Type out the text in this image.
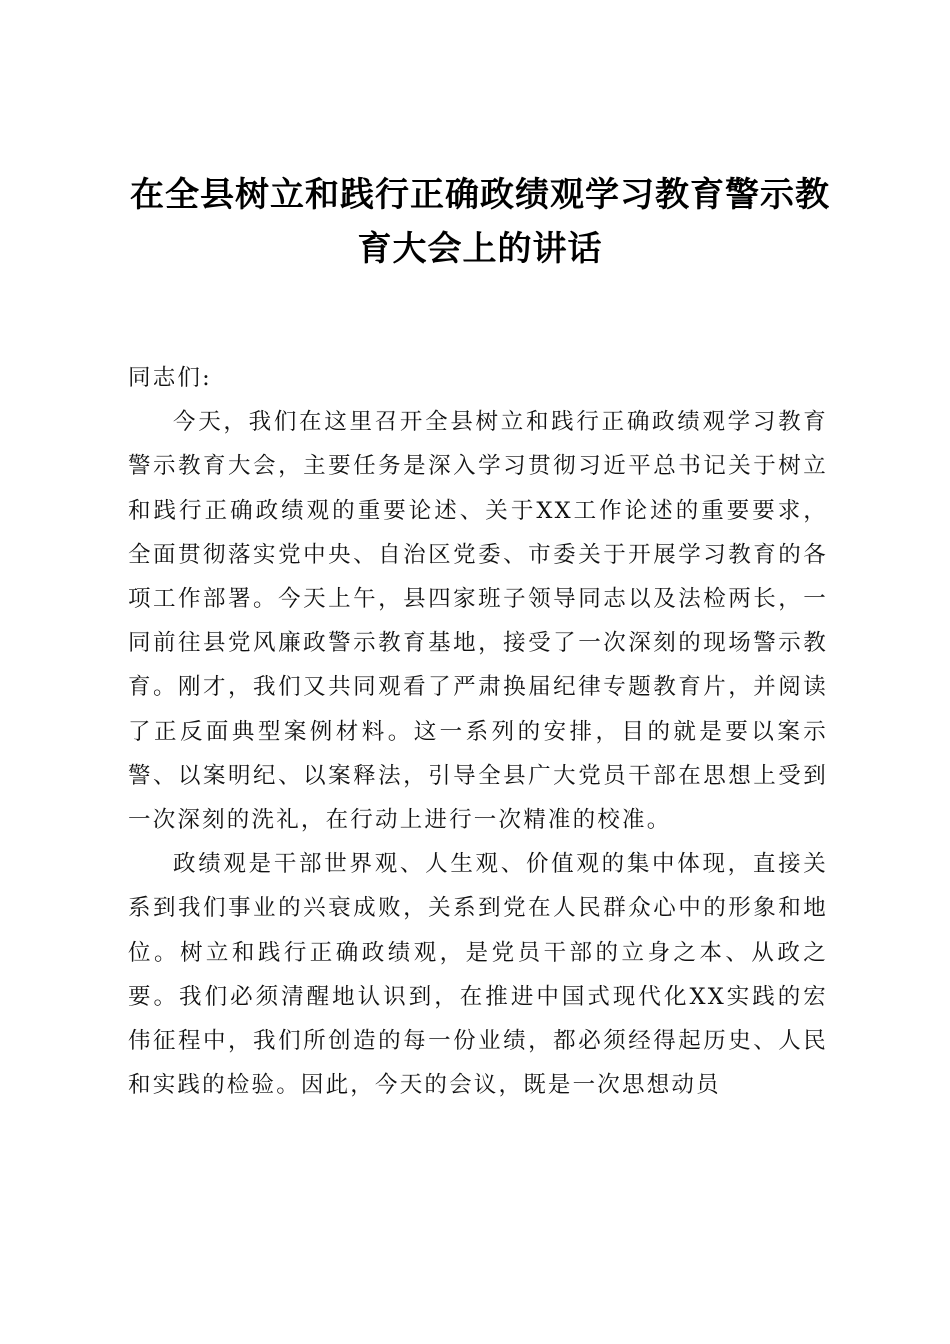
在全县树立和践行正确政绩观学习教育警示教育大会上的讲话

同志们:

今天，我们在这里召开全县树立和践行正确政绩观学习教育警示教育大会，主要任务是深入学习贯彻习近平总书记关于树立和践行正确政绩观的重要论述、关于XX工作论述的重要要求，全面贯彻落实党中央、自治区党委、市委关于开展学习教育的各项工作部署。今天上午，县四家班子领导同志以及法检两长，一同前往县党风廉政警示教育基地，接受了一次深刻的现场警示教育。刚才，我们又共同观看了严肃换届纪律专题教育片，并阅读了正反面典型案例材料。这一系列的安排，目的就是要以案示警、以案明纪、以案释法，引导全县广大党员干部在思想上受到一次深刻的洗礼，在行动上进行一次精准的校准。

政绩观是干部世界观、人生观、价值观的集中体现，直接关系到我们事业的兴衰成败，关系到党在人民群众心中的形象和地位。树立和践行正确政绩观，是党员干部的立身之本、从政之要。我们必须清醒地认识到，在推进中国式现代化XX实践的宏伟征程中，我们所创造的每一份业绩，都必须经得起历史、人民和实践的检验。因此，今天的会议，既是一次思想动员
